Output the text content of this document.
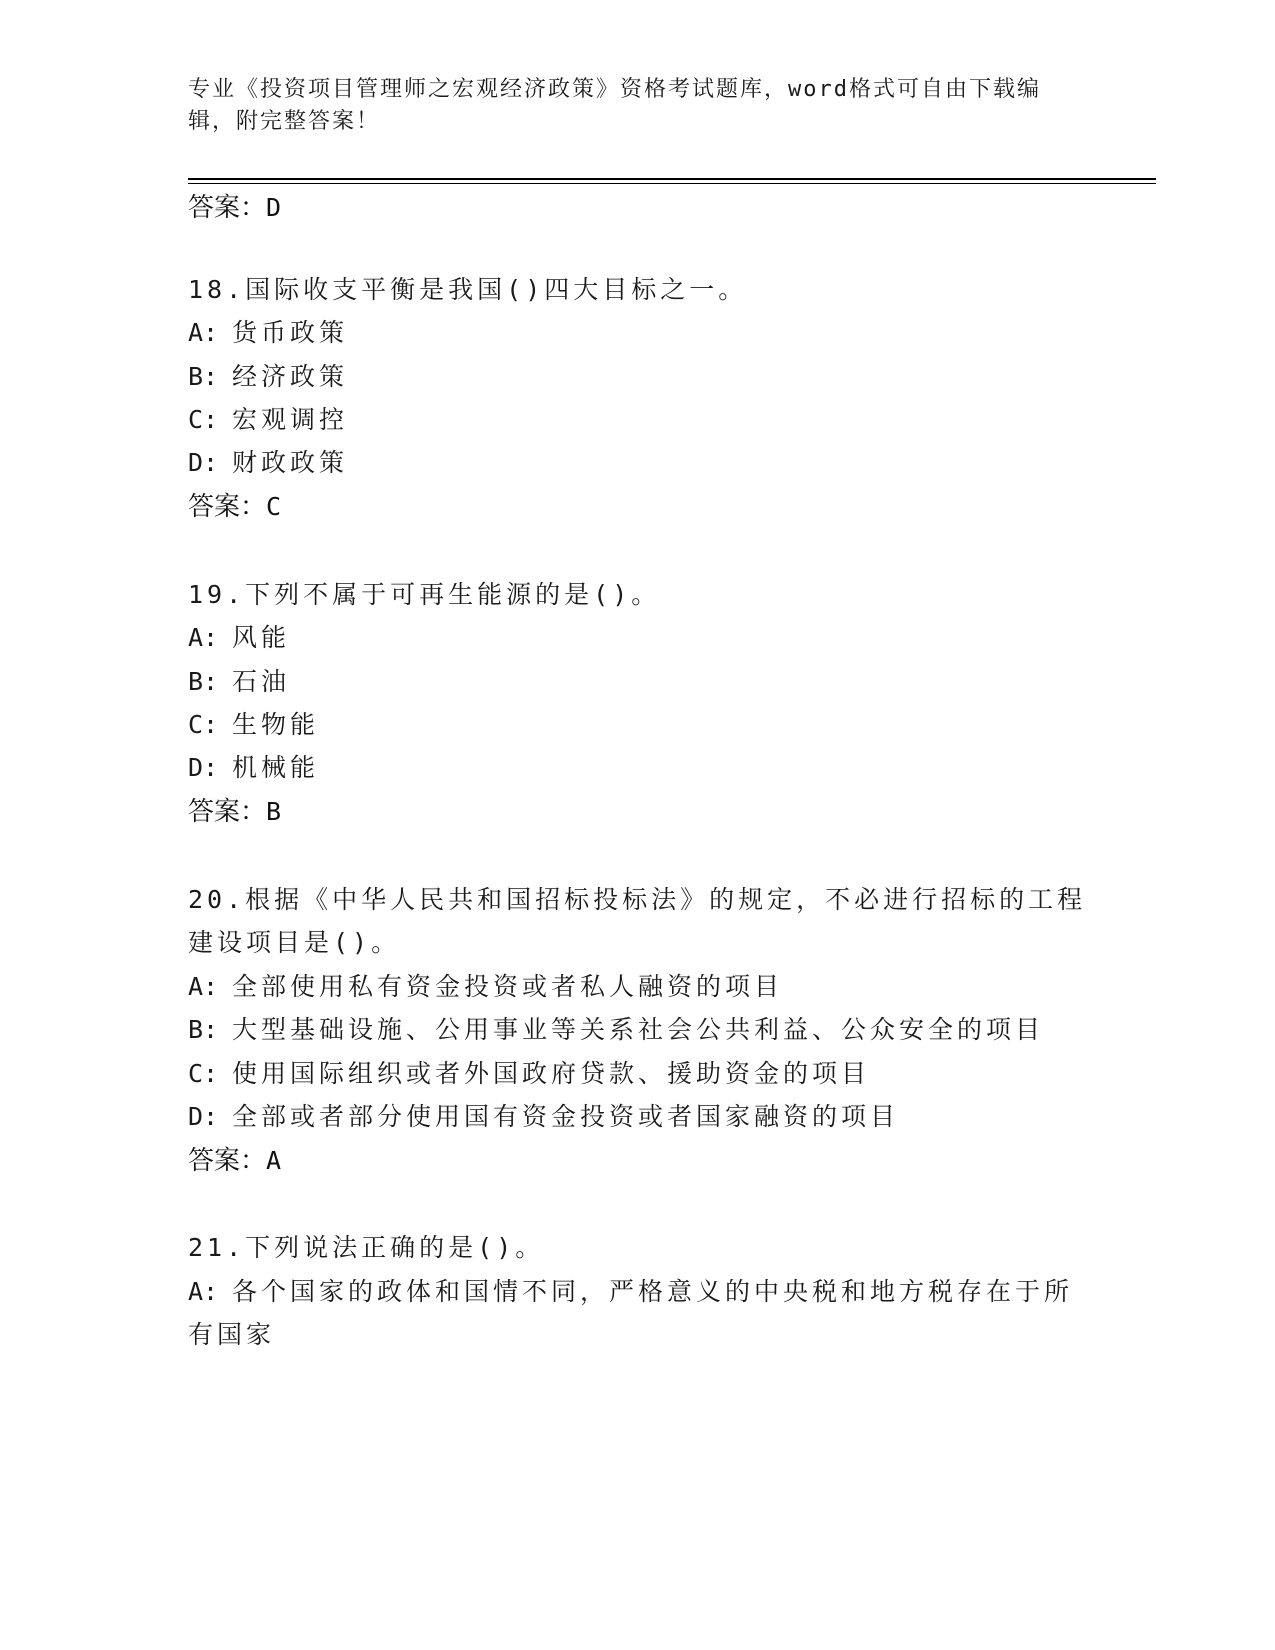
专业《投资项目管理师之宏观经济政策》资格考试题库，word格式可自由下载编辑，附完整答案！
答案：D
18.国际收支平衡是我国()四大目标之一。
A: 货币政策
B: 经济政策
C: 宏观调控
D: 财政政策
答案：C
19.下列不属于可再生能源的是()。
A: 风能
B: 石油
C: 生物能
D: 机械能
答案：B
20.根据《中华人民共和国招标投标法》的规定，不必进行招标的工程
建设项目是()。
A: 全部使用私有资金投资或者私人融资的项目
B: 大型基础设施、公用事业等关系社会公共利益、公众安全的项目
C: 使用国际组织或者外国政府贷款、援助资金的项目
D: 全部或者部分使用国有资金投资或者国家融资的项目
答案：A
21.下列说法正确的是()。
A: 各个国家的政体和国情不同，严格意义的中央税和地方税存在于所
有国家
